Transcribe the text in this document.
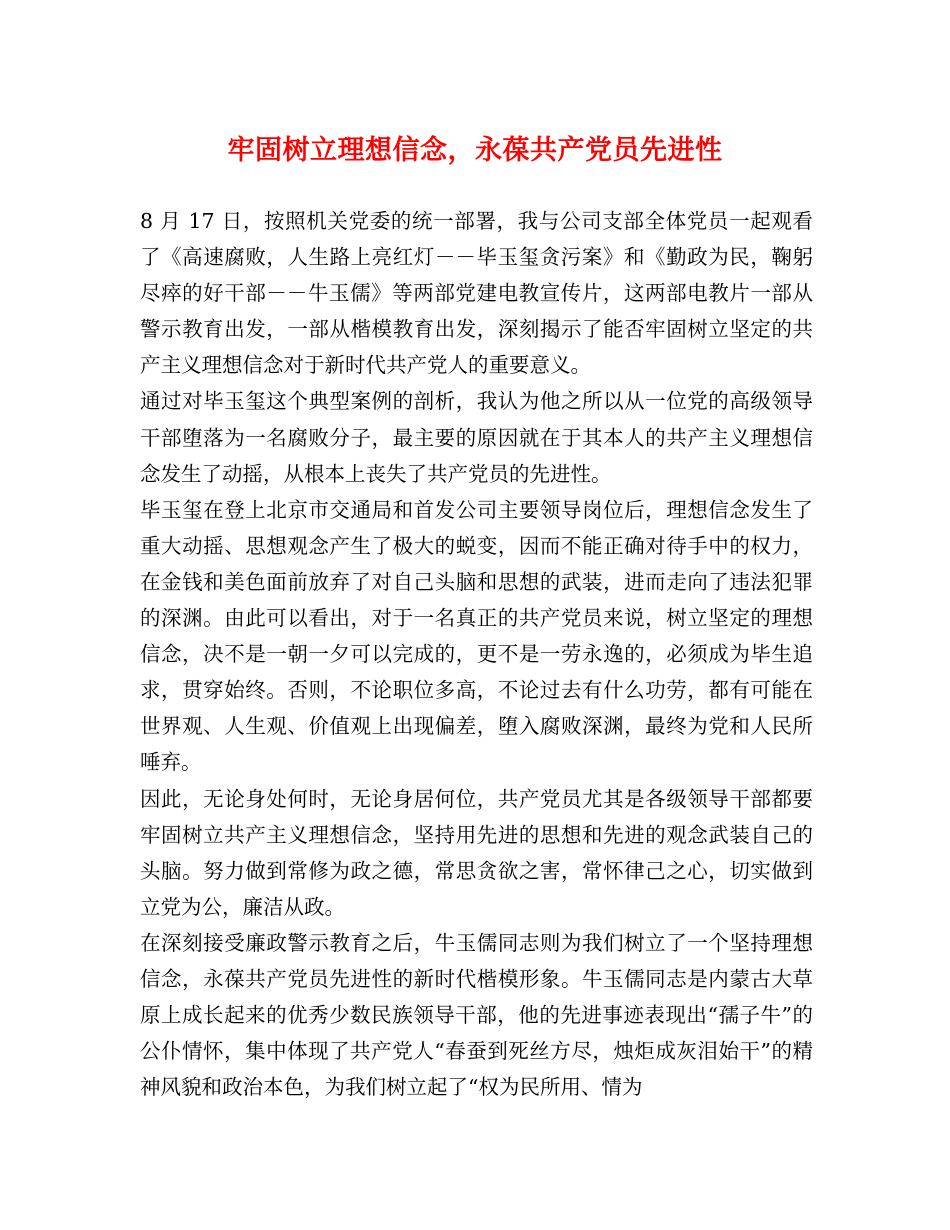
牢固树立理想信念，永葆共产党员先进性

8 月 17 日，按照机关党委的统一部署，我与公司支部全体党员一起观看了《高速腐败，人生路上亮红灯－－毕玉玺贪污案》和《勤政为民，鞠躬尽瘁的好干部－－牛玉儒》等两部党建电教宣传片，这两部电教片一部从警示教育出发，一部从楷模教育出发，深刻揭示了能否牢固树立坚定的共产主义理想信念对于新时代共产党人的重要意义。

通过对毕玉玺这个典型案例的剖析，我认为他之所以从一位党的高级领导干部堕落为一名腐败分子，最主要的原因就在于其本人的共产主义理想信念发生了动摇，从根本上丧失了共产党员的先进性。

毕玉玺在登上北京市交通局和首发公司主要领导岗位后，理想信念发生了重大动摇、思想观念产生了极大的蜕变，因而不能正确对待手中的权力，在金钱和美色面前放弃了对自己头脑和思想的武装，进而走向了违法犯罪的深渊。由此可以看出，对于一名真正的共产党员来说，树立坚定的理想信念，决不是一朝一夕可以完成的，更不是一劳永逸的，必须成为毕生追求，贯穿始终。否则，不论职位多高，不论过去有什么功劳，都有可能在世界观、人生观、价值观上出现偏差，堕入腐败深渊，最终为党和人民所唾弃。

因此，无论身处何时，无论身居何位，共产党员尤其是各级领导干部都要牢固树立共产主义理想信念，坚持用先进的思想和先进的观念武装自己的头脑。努力做到常修为政之德，常思贪欲之害，常怀律己之心，切实做到立党为公，廉洁从政。

在深刻接受廉政警示教育之后，牛玉儒同志则为我们树立了一个坚持理想信念，永葆共产党员先进性的新时代楷模形象。牛玉儒同志是内蒙古大草原上成长起来的优秀少数民族领导干部，他的先进事迹表现出“孺子牛”的公仆情怀，集中体现了共产党人“春蚕到死丝方尽，烛炬成灰泪始干”的精神风貌和政治本色，为我们树立起了“权为民所用、情为
